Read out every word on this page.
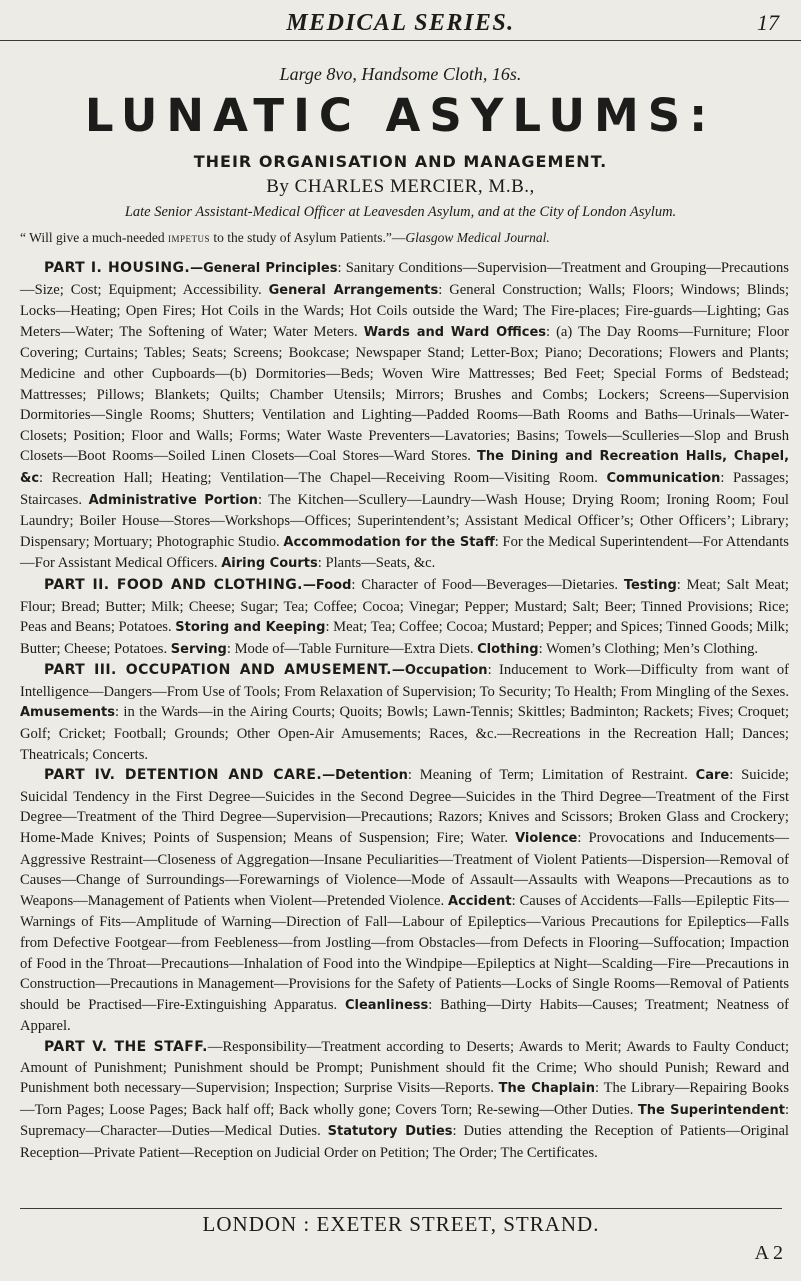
MEDICAL SERIES.	17
Large 8vo, Handsome Cloth, 16s.
LUNATIC ASYLUMS:
THEIR ORGANISATION AND MANAGEMENT.
By CHARLES MERCIER, M.B.,
Late Senior Assistant-Medical Officer at Leavesden Asylum, and at the City of London Asylum.
“ Will give a much-needed impetus to the study of Asylum Patients.”—Glasgow Medical Journal.

PART I. HOUSING.—General Principles: Sanitary Conditions—Supervision—Treatment and Grouping—Precautions—Size; Cost; Equipment; Accessibility. General Arrangements: General Construction; Walls; Floors; Windows; Blinds; Locks—Heating; Open Fires; Hot Coils in the Wards; Hot Coils outside the Ward; The Fire-places; Fire-guards—Lighting; Gas Meters—Water; The Softening of Water; Water Meters. Wards and Ward Offices: (a) The Day Rooms—Furniture; Floor Covering; Curtains; Tables; Seats; Screens; Bookcase; Newspaper Stand; Letter-Box; Piano; Decorations; Flowers and Plants; Medicine and other Cupboards—(b) Dormitories—Beds; Woven Wire Mattresses; Bed Feet; Special Forms of Bedstead; Mattresses; Pillows; Blankets; Quilts; Chamber Utensils; Mirrors; Brushes and Combs; Lockers; Screens—Supervision Dormitories—Single Rooms; Shutters; Ventilation and Lighting—Padded Rooms—Bath Rooms and Baths—Urinals—Water-Closets; Position; Floor and Walls; Forms; Water Waste Preventers—Lavatories; Basins; Towels—Sculleries—Slop and Brush Closets—Boot Rooms—Soiled Linen Closets—Coal Stores—Ward Stores. The Dining and Recreation Halls, Chapel, &c: Recreation Hall; Heating; Ventilation—The Chapel—Receiving Room—Visiting Room. Communication: Passages; Staircases. Administrative Portion: The Kitchen—Scullery—Laundry—Wash House; Drying Room; Ironing Room; Foul Laundry; Boiler House—Stores—Workshops—Offices; Superintendent’s; Assistant Medical Officer’s; Other Officers’; Library; Dispensary; Mortuary; Photographic Studio. Accommodation for the Staff: For the Medical Superintendent—For Attendants—For Assistant Medical Officers. Airing Courts: Plants—Seats, &c.

PART II. FOOD AND CLOTHING.—Food: Character of Food—Beverages—Dietaries. Testing: Meat; Salt Meat; Flour; Bread; Butter; Milk; Cheese; Sugar; Tea; Coffee; Cocoa; Vinegar; Pepper; Mustard; Salt; Beer; Tinned Provisions; Rice; Peas and Beans; Potatoes. Storing and Keeping: Meat; Tea; Coffee; Cocoa; Mustard; Pepper; and Spices; Tinned Goods; Milk; Butter; Cheese; Potatoes. Serving: Mode of—Table Furniture—Extra Diets. Clothing: Women’s Clothing; Men’s Clothing.

PART III. OCCUPATION AND AMUSEMENT.—Occupation: Inducement to Work—Difficulty from want of Intelligence—Dangers—From Use of Tools; From Relaxation of Supervision; To Security; To Health; From Mingling of the Sexes. Amusements: in the Wards—in the Airing Courts; Quoits; Bowls; Lawn-Tennis; Skittles; Badminton; Rackets; Fives; Croquet; Golf; Cricket; Football; Grounds; Other Open-Air Amusements; Races, &c.—Recreations in the Recreation Hall; Dances; Theatricals; Concerts.

PART IV. DETENTION AND CARE.—Detention: Meaning of Term; Limitation of Restraint. Care: Suicide; Suicidal Tendency in the First Degree—Suicides in the Second Degree—Suicides in the Third Degree—Treatment of the First Degree—Treatment of the Third Degree—Supervision—Precautions; Razors; Knives and Scissors; Broken Glass and Crockery; Home-Made Knives; Points of Suspension; Means of Suspension; Fire; Water. Violence: Provocations and Inducements—Aggressive Restraint—Closeness of Aggregation—Insane Peculiarities—Treatment of Violent Patients—Dispersion—Removal of Causes—Change of Surroundings—Forewarnings of Violence—Mode of Assault—Assaults with Weapons—Precautions as to Weapons—Management of Patients when Violent—Pretended Violence. Accident: Causes of Accidents—Falls—Epileptic Fits—Warnings of Fits—Amplitude of Warning—Direction of Fall—Labour of Epileptics—Various Precautions for Epileptics—Falls from Defective Footgear—from Feebleness—from Jostling—from Obstacles—from Defects in Flooring—Suffocation; Impaction of Food in the Throat—Precautions—Inhalation of Food into the Windpipe—Epileptics at Night—Scalding—Fire—Precautions in Construction—Precautions in Management—Provisions for the Safety of Patients—Locks of Single Rooms—Removal of Patients should be Practised—Fire-Extinguishing Apparatus. Cleanliness: Bathing—Dirty Habits—Causes; Treatment; Neatness of Apparel.

PART V. THE STAFF.—Responsibility—Treatment according to Deserts; Awards to Merit; Awards to Faulty Conduct; Amount of Punishment; Punishment should be Prompt; Punishment should fit the Crime; Who should Punish; Reward and Punishment both necessary—Supervision; Inspection; Surprise Visits—Reports. The Chaplain: The Library—Repairing Books—Torn Pages; Loose Pages; Back half off; Back wholly gone; Covers Torn; Re-sewing—Other Duties. The Superintendent: Supremacy—Character—Duties—Medical Duties. Statutory Duties: Duties attending the Reception of Patients—Original Reception—Private Patient—Reception on Judicial Order on Petition; The Order; The Certificates.

LONDON : EXETER STREET, STRAND.
A 2
